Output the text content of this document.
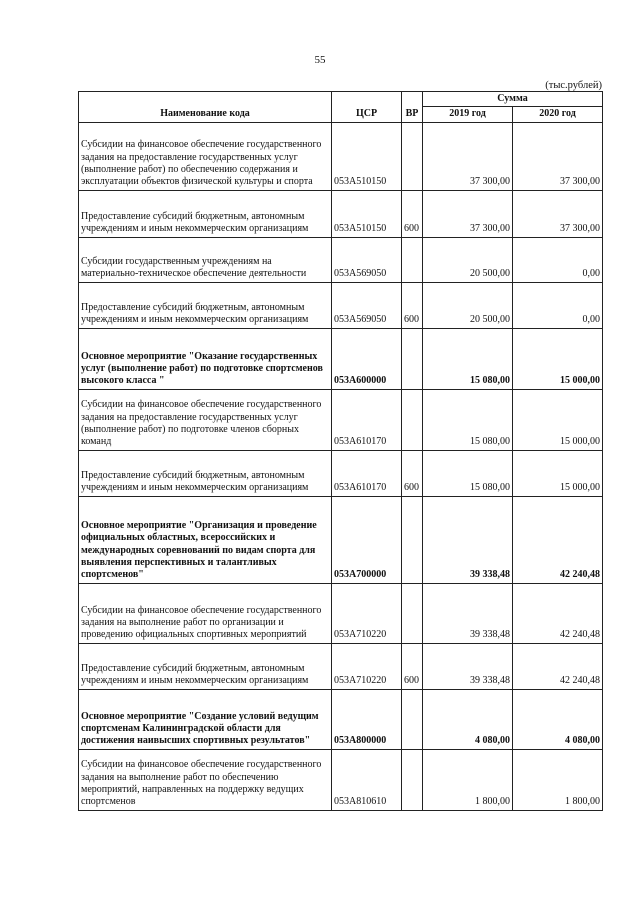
55
(тыс.рублей)
Наименование кода	ЦСР	ВР	Сумма	
			2019 год	2020 год
Субсидии на финансовое обеспечение государственного задания на предоставление государственных услуг (выполнение работ) по обеспечению содержания и эксплуатации объектов физической культуры и спорта	053А510150		37 300,00	37 300,00
Предоставление субсидий бюджетным, автономным учреждениям и иным некоммерческим организациям	053А510150	600	37 300,00	37 300,00
Субсидии государственным учреждениям на материально-техническое обеспечение деятельности	053А569050		20 500,00	0,00
Предоставление субсидий бюджетным, автономным учреждениям и иным некоммерческим организациям	053А569050	600	20 500,00	0,00
Основное мероприятие "Оказание государственных услуг (выполнение работ) по подготовке спортсменов высокого класса "	053А600000		15 080,00	15 000,00
Субсидии на финансовое обеспечение государственного задания на предоставление государственных услуг (выполнение работ) по подготовке членов сборных команд	053А610170		15 080,00	15 000,00
Предоставление субсидий бюджетным, автономным учреждениям и иным некоммерческим организациям	053А610170	600	15 080,00	15 000,00
Основное мероприятие "Организация и проведение официальных областных, всероссийских и международных соревнований по видам спорта для выявления перспективных и талантливых спортсменов"	053А700000		39 338,48	42 240,48
Субсидии на финансовое обеспечение государственного задания на выполнение работ по организации и проведению официальных спортивных мероприятий	053А710220		39 338,48	42 240,48
Предоставление субсидий бюджетным, автономным учреждениям и иным некоммерческим организациям	053А710220	600	39 338,48	42 240,48
Основное мероприятие "Создание условий ведущим спортсменам Калининградской области для достижения наивысших спортивных результатов"	053А800000		4 080,00	4 080,00
Субсидии на финансовое обеспечение государственного задания на выполнение работ по обеспечению мероприятий, направленных на поддержку ведущих спортсменов	053А810610		1 800,00	1 800,00
